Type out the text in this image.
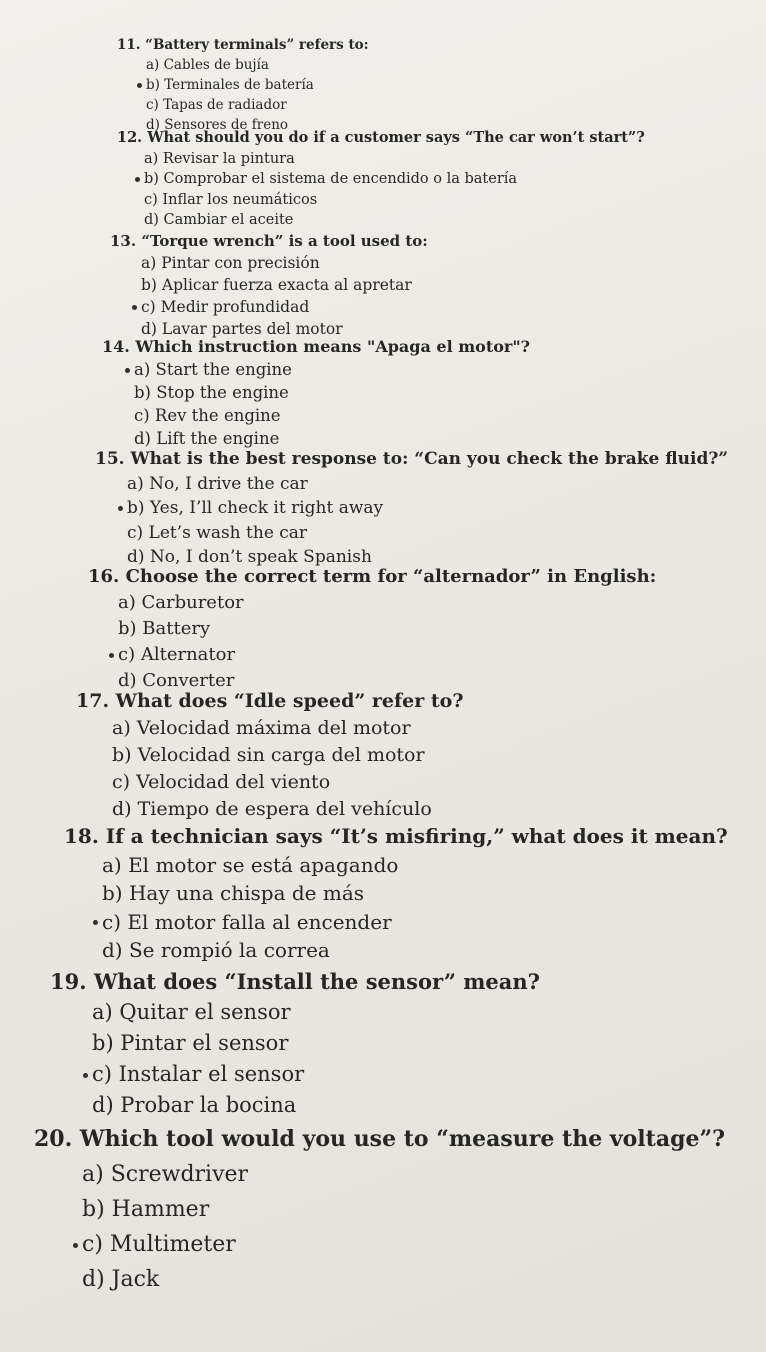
11. “Battery terminals” refers to:
a) Cables de bujía
b) Terminales de batería
c) Tapas de radiador
d) Sensores de freno
12. What should you do if a customer says “The car won’t start”?
a) Revisar la pintura
b) Comprobar el sistema de encendido o la batería
c) Inflar los neumáticos
d) Cambiar el aceite
13. “Torque wrench” is a tool used to:
a) Pintar con precisión
b) Aplicar fuerza exacta al apretar
c) Medir profundidad
d) Lavar partes del motor
14. Which instruction means "Apaga el motor"?
a) Start the engine
b) Stop the engine
c) Rev the engine
d) Lift the engine
15. What is the best response to: “Can you check the brake fluid?”
a) No, I drive the car
b) Yes, I’ll check it right away
c) Let’s wash the car
d) No, I don’t speak Spanish
16. Choose the correct term for “alternador” in English:
a) Carburetor
b) Battery
c) Alternator
d) Converter
17. What does “Idle speed” refer to?
a) Velocidad máxima del motor
b) Velocidad sin carga del motor
c) Velocidad del viento
d) Tiempo de espera del vehículo
18. If a technician says “It’s misfiring,” what does it mean?
a) El motor se está apagando
b) Hay una chispa de más
c) El motor falla al encender
d) Se rompió la correa
19. What does “Install the sensor” mean?
a) Quitar el sensor
b) Pintar el sensor
c) Instalar el sensor
d) Probar la bocina
20. Which tool would you use to “measure the voltage”?
a) Screwdriver
b) Hammer
c) Multimeter
d) Jack
